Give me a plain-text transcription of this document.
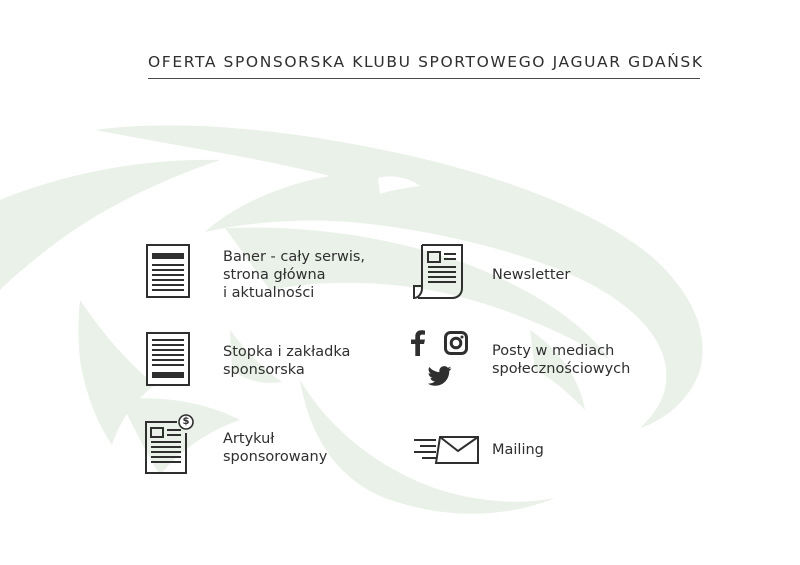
OFERTA SPONSORSKA KLUBU SPORTOWEGO JAGUAR GDAŃSK
Baner - cały serwis,
strona główna
i aktualności
Newsletter
Stopka i zakładka
sponsorska
Posty w mediach
społecznościowych
$
Artykuł
sponsorowany	Mailing
